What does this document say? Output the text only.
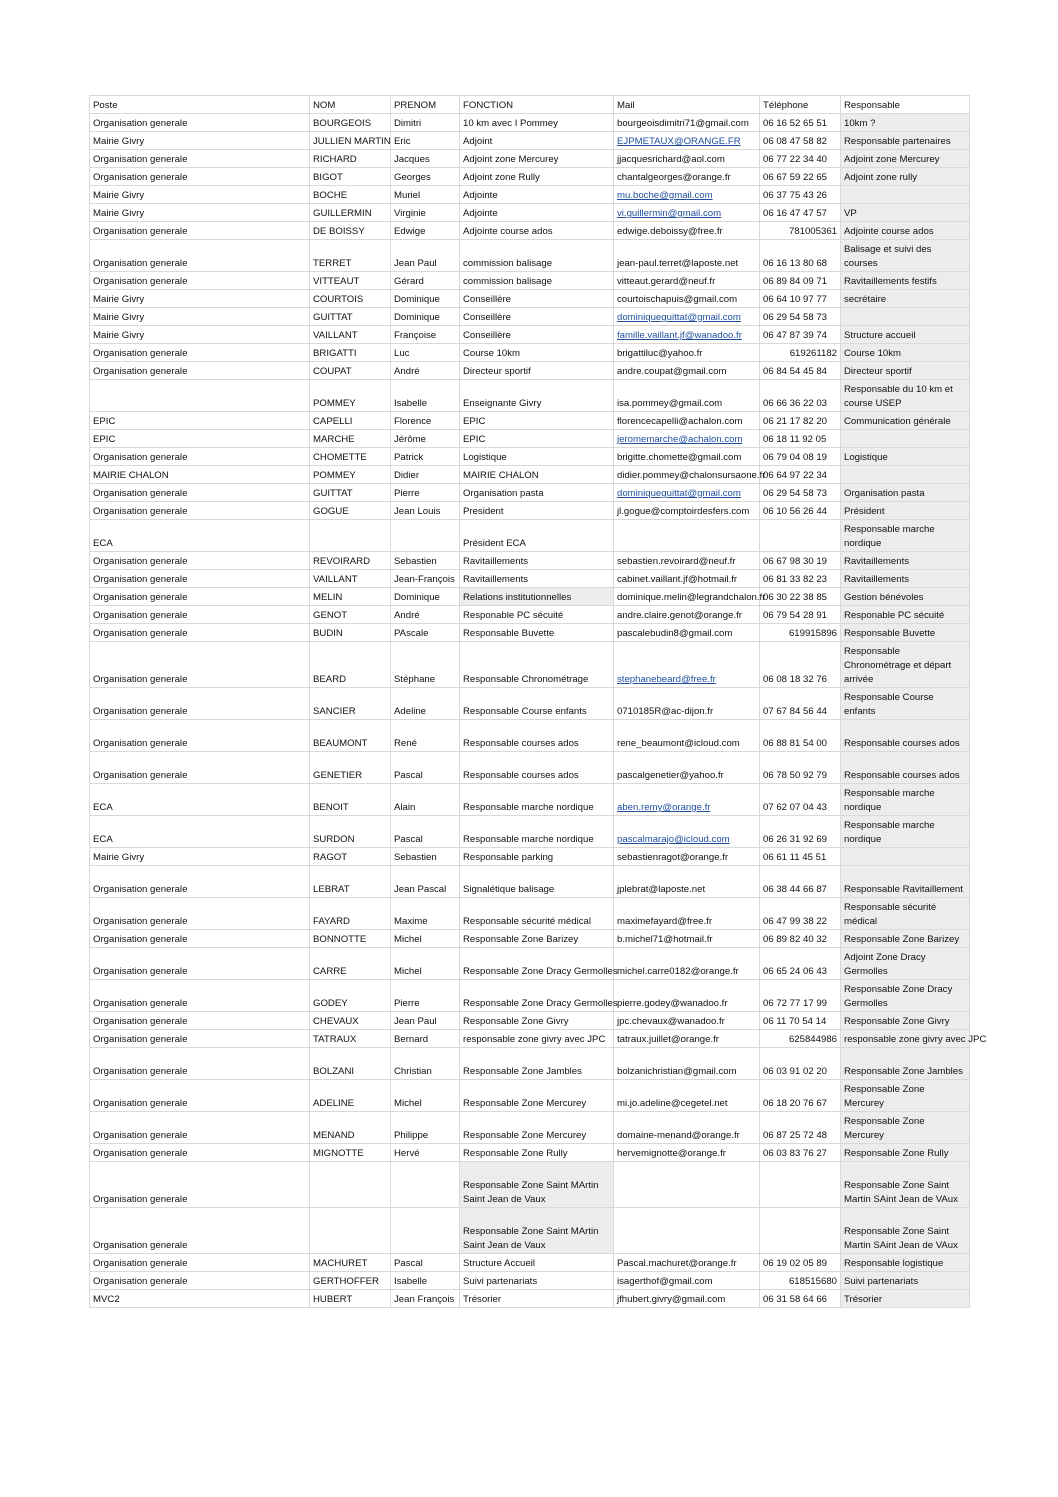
Poste	NOM	PRENOM	FONCTION	Mail	Téléphone	Responsable
Organisation generale	BOURGEOIS	Dimitri	10 km avec I Pommey	bourgeoisdimitri71@gmail.com	06 16 52 65 51	10km ?
Mairie Givry	JULLIEN MARTIN	Eric	Adjoint	EJPMETAUX@ORANGE.FR	06 08 47 58 82	Responsable partenaires
Organisation generale	RICHARD	Jacques	Adjoint zone Mercurey	jjacquesrichard@aol.com	06 77 22 34 40	Adjoint zone Mercurey
Organisation generale	BIGOT	Georges	Adjoint zone Rully	chantalgeorges@orange.fr	06 67 59 22 65	Adjoint zone rully
Mairie Givry	BOCHE	Muriel	Adjointe	mu.boche@gmail.com	06 37 75 43 26	
Mairie Givry	GUILLERMIN	Virginie	Adjointe	vi.guillermin@gmail.com	06 16 47 47 57	VP
Organisation generale	DE BOISSY	Edwige	Adjointe course ados	edwige.deboissy@free.fr	781005361	Adjointe course ados
Organisation generale	TERRET	Jean Paul	commission balisage	jean-paul.terret@laposte.net	06 16 13 80 68	Balisage et suivi des courses
Organisation generale	VITTEAUT	Gérard	commission balisage	vitteaut.gerard@neuf.fr	06 89 84 09 71	Ravitaillements festifs
Mairie Givry	COURTOIS	Dominique	Conseillère	courtoischapuis@gmail.com	06 64 10 97 77	secrétaire
Mairie Givry	GUITTAT	Dominique	Conseillère	dominiqueguittat@gmail.com	06 29 54 58 73	
Mairie Givry	VAILLANT	Françoise	Conseillère	famille.vaillant.jf@wanadoo.fr	06 47 87 39 74	Structure accueil
Organisation generale	BRIGATTI	Luc	Course 10km	brigattiluc@yahoo.fr	619261182	Course 10km
Organisation generale	COUPAT	André	Directeur sportif	andre.coupat@gmail.com	06 84 54 45 84	Directeur sportif
	POMMEY	Isabelle	Enseignante Givry	isa.pommey@gmail.com	06 66 36 22 03	Responsable du 10 km et course USEP
EPIC	CAPELLI	Florence	EPIC	florencecapelli@achalon.com	06 21 17 82 20	Communication générale
EPIC	MARCHE	Jérôme	EPIC	jeromemarche@achalon.com	06 18 11 92 05	
Organisation generale	CHOMETTE	Patrick	Logistique	brigitte.chomette@gmail.com	06 79 04 08 19	Logistique
MAIRIE CHALON	POMMEY	Didier	MAIRIE CHALON	didier.pommey@chalonsursaone.fr	06 64 97 22 34	
Organisation generale	GUITTAT	Pierre	Organisation pasta	dominiqueguittat@gmail.com	06 29 54 58 73	Organisation pasta
Organisation generale	GOGUE	Jean Louis	President	jl.gogue@comptoirdesfers.com	06 10 56 26 44	Président
ECA			Président ECA			Responsable marche nordique
Organisation generale	REVOIRARD	Sebastien	Ravitaillements	sebastien.revoirard@neuf.fr	06 67 98 30 19	Ravitaillements
Organisation generale	VAILLANT	Jean-François	Ravitaillements	cabinet.vaillant.jf@hotmail.fr	06 81 33 82 23	Ravitaillements
Organisation generale	MELIN	Dominique	Relations institutionnelles	dominique.melin@legrandchalon.fr	06 30 22 38 85	Gestion bénévoles
Organisation generale	GENOT	André	Responable PC sécuité	andre.claire.genot@orange.fr	06 79 54 28 91	Responable PC sécuité
Organisation generale	BUDIN	PAscale	Responsable Buvette	pascalebudin8@gmail.com	619915896	Responsable Buvette
Organisation generale	BEARD	Stéphane	Responsable Chronométrage	stephanebeard@free.fr	06 08 18 32 76	Responsable Chronométrage et départ arrivée
Organisation generale	SANCIER	Adeline	Responsable Course enfants	0710185R@ac-dijon.fr	07 67 84 56 44	Responsable Course enfants
Organisation generale	BEAUMONT	René	Responsable courses ados	rene_beaumont@icloud.com	06 88 81 54 00	Responsable courses ados
Organisation generale	GENETIER	Pascal	Responsable courses ados	pascalgenetier@yahoo.fr	06 78 50 92 79	Responsable courses ados
ECA	BENOIT	Alain	Responsable marche nordique	aben.remy@orange.fr	07 62 07 04 43	Responsable marche nordique
ECA	SURDON	Pascal	Responsable marche nordique	pascalmarajo@icloud.com	06 26 31 92 69	Responsable marche nordique
Mairie Givry	RAGOT	Sebastien	Responsable parking	sebastienragot@orange.fr	06 61 11 45 51	
Organisation generale	LEBRAT	Jean Pascal	Signalétique balisage	jplebrat@laposte.net	06 38 44 66 87	Responsable Ravitaillement
Organisation generale	FAYARD	Maxime	Responsable sécurité médical	maximefayard@free.fr	06 47 99 38 22	Responsable sécurité médical
Organisation generale	BONNOTTE	Michel	Responsable Zone Barizey	b.michel71@hotmail.fr	06 89 82 40 32	Responsable Zone Barizey
Organisation generale	CARRE	Michel	Responsable Zone Dracy Germolles	michel.carre0182@orange.fr	06 65 24 06 43	Adjoint Zone Dracy Germolles
Organisation generale	GODEY	Pierre	Responsable Zone Dracy Germolles	pierre.godey@wanadoo.fr	06 72 77 17 99	Responsable Zone Dracy Germolles
Organisation generale	CHEVAUX	Jean Paul	Responsable Zone Givry	jpc.chevaux@wanadoo.fr	06 11 70 54 14	Responsable Zone Givry
Organisation generale	TATRAUX	Bernard	responsable zone givry avec JPC	tatraux.juillet@orange.fr	625844986	responsable zone givry avec JPC
Organisation generale	BOLZANI	Christian	Responsable Zone Jambles	bolzanichristian@gmail.com	06 03 91 02 20	Responsable Zone Jambles
Organisation generale	ADELINE	Michel	Responsable Zone Mercurey	mi.jo.adeline@cegetel.net	06 18 20 76 67	Responsable Zone Mercurey
Organisation generale	MENAND	Philippe	Responsable Zone Mercurey	domaine-menand@orange.fr	06 87 25 72 48	Responsable Zone Mercurey
Organisation generale	MIGNOTTE	Hervé	Responsable Zone Rully	hervemignotte@orange.fr	06 03 83 76 27	Responsable Zone Rully
Organisation generale			Responsable Zone Saint MArtin Saint Jean de Vaux			Responsable Zone Saint Martin SAint Jean de VAux
Organisation generale			Responsable Zone Saint MArtin Saint Jean de Vaux			Responsable Zone Saint Martin SAint Jean de VAux
Organisation generale	MACHURET	Pascal	Structure Accueil	Pascal.machuret@orange.fr	06 19 02 05 89	Responsable logistique
Organisation generale	GERTHOFFER	Isabelle	Suivi partenariats	isagerthof@gmail.com	618515680	Suivi partenariats
MVC2	HUBERT	Jean François	Trésorier	jfhubert.givry@gmail.com	06 31 58 64 66	Trésorier
